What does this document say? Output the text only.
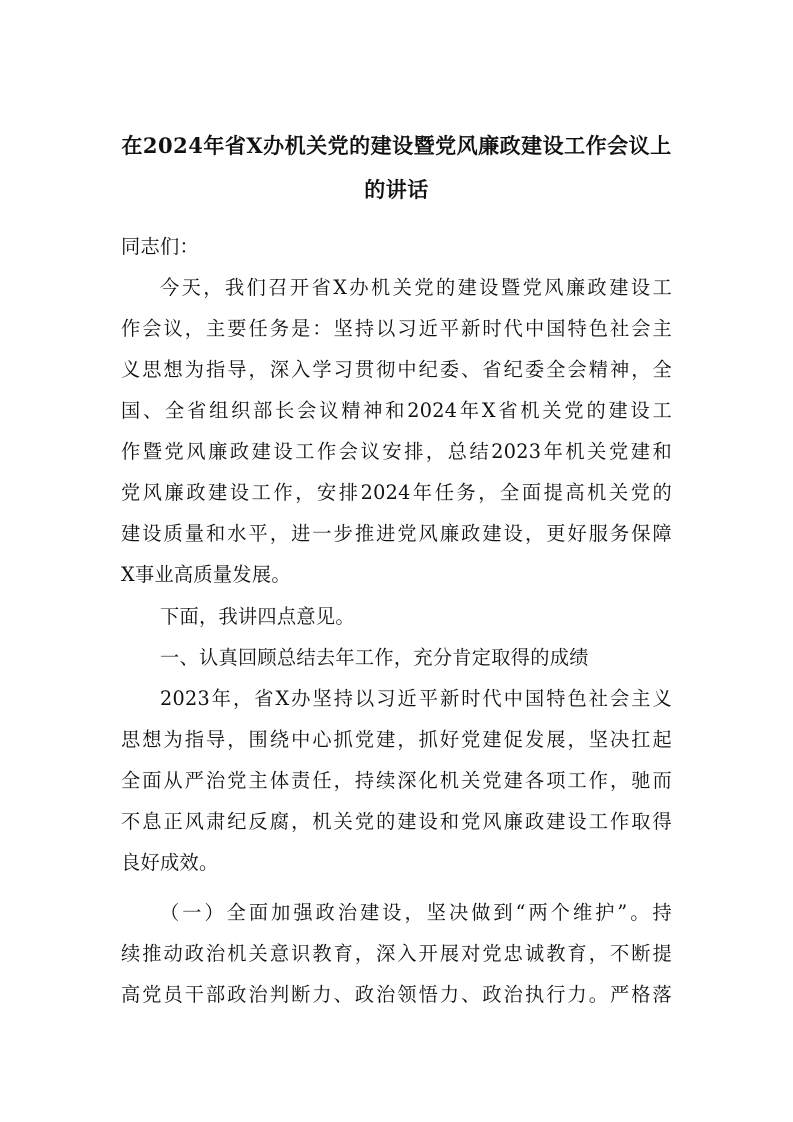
在2024年省X办机关党的建设暨党风廉政建设工作会议上
的讲话
同志们：
今天，我们召开省X办机关党的建设暨党风廉政建设工
作会议，主要任务是：坚持以习近平新时代中国特色社会主
义思想为指导，深入学习贯彻中纪委、省纪委全会精神，全
国、全省组织部长会议精神和2024年X省机关党的建设工
作暨党风廉政建设工作会议安排，总结2023年机关党建和
党风廉政建设工作，安排2024年任务，全面提高机关党的
建设质量和水平，进一步推进党风廉政建设，更好服务保障
X事业高质量发展。
下面，我讲四点意见。
一、认真回顾总结去年工作，充分肯定取得的成绩
2023年，省X办坚持以习近平新时代中国特色社会主义
思想为指导，围绕中心抓党建，抓好党建促发展，坚决扛起
全面从严治党主体责任，持续深化机关党建各项工作，驰而
不息正风肃纪反腐，机关党的建设和党风廉政建设工作取得
良好成效。
（一）全面加强政治建设，坚决做到“两个维护”。持
续推动政治机关意识教育，深入开展对党忠诚教育，不断提
高党员干部政治判断力、政治领悟力、政治执行力。严格落
